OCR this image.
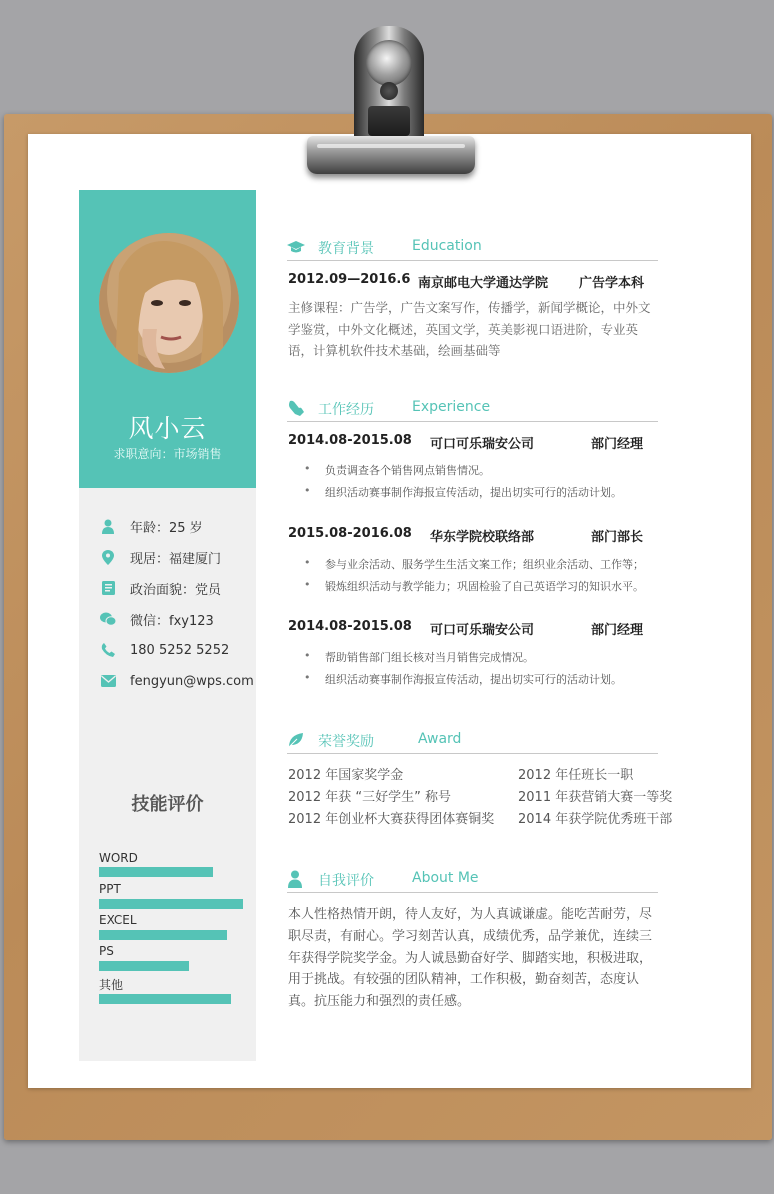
风小云
求职意向：市场销售
年龄：25 岁
现居：福建厦门
政治面貌：党员
微信：fxy123
180 5252 5252
fengyun@wps.com
技能评价
WORD
PPT
EXCEL
PS
其他
教育背景	Education
2012.09—2016.6 南京邮电大学通达学院 广告学本科
主修课程：广告学，广告文案写作，传播学，新闻学概论，中外文学鉴赏，中外文化概述，英国文学，英美影视口语进阶，专业英语，计算机软件技术基础，绘画基础等
工作经历	Experience
2014.08-2015.08 可口可乐瑞安公司	部门经理
• 负责调查各个销售网点销售情况。
• 组织活动赛事制作海报宣传活动，提出切实可行的活动计划。
2015.08-2016.08 华东学院校联络部	部门部长
• 参与业余活动、服务学生生活文案工作；组织业余活动、工作等；
• 锻炼组织活动与教学能力；巩固检验了自己英语学习的知识水平。
2014.08-2015.08 可口可乐瑞安公司	部门经理
• 帮助销售部门组长核对当月销售完成情况。
• 组织活动赛事制作海报宣传活动，提出切实可行的活动计划。
荣誉奖励	Award
2012 年国家奖学金	2012 年任班长一职
2012 年获 “三好学生” 称号	2011 年获营销大赛一等奖
2012 年创业杯大赛获得团体赛铜奖 2014 年获学院优秀班干部
自我评价	About Me
本人性格热情开朗，待人友好，为人真诚谦虚。能吃苦耐劳，尽职尽责，有耐心。学习刻苦认真，成绩优秀，品学兼优，连续三年获得学院奖学金。为人诚恳勤奋好学、脚踏实地，积极进取，用于挑战。有较强的团队精神，工作积极，勤奋刻苦，态度认真。抗压能力和强烈的责任感。
